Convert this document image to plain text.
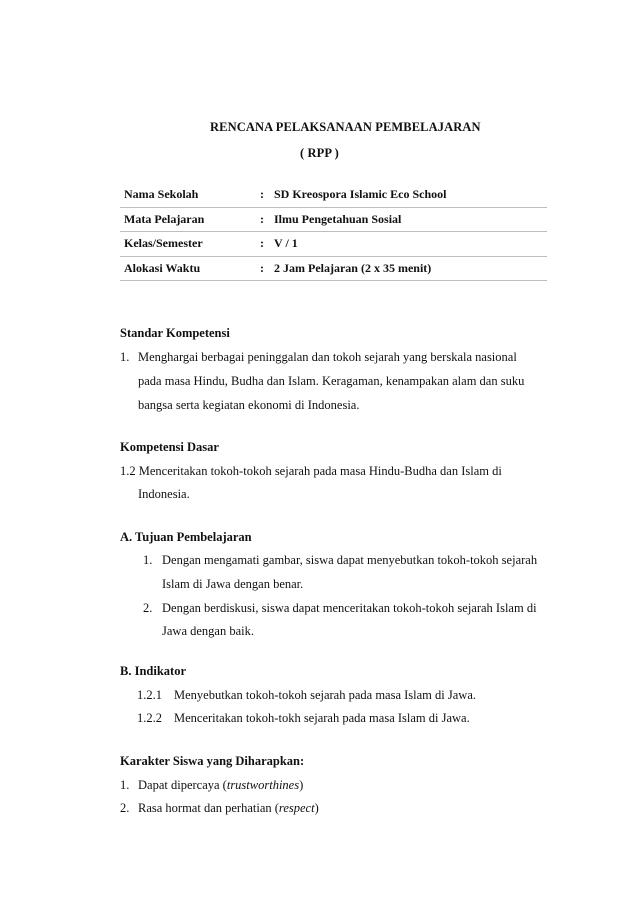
RENCANA PELAKSANAAN PEMBELAJARAN
( RPP )
Nama Sekolah	:	SD Kreospora Islamic Eco School
Mata Pelajaran	:	Ilmu Pengetahuan Sosial
Kelas/Semester	:	V / 1
Alokasi Waktu	:	2 Jam Pelajaran (2 x 35 menit)
Standar Kompetensi
1. Menghargai berbagai peninggalan dan tokoh sejarah yang berskala nasional
pada masa Hindu, Budha dan Islam. Keragaman, kenampakan alam dan suku
bangsa serta kegiatan ekonomi di Indonesia.
Kompetensi Dasar
1.2 Menceritakan tokoh-tokoh sejarah pada masa Hindu-Budha dan Islam di
Indonesia.
A. Tujuan Pembelajaran
1. Dengan mengamati gambar, siswa dapat menyebutkan tokoh-tokoh sejarah
Islam di Jawa dengan benar.
2. Dengan berdiskusi, siswa dapat menceritakan tokoh-tokoh sejarah Islam di
Jawa dengan baik.
B. Indikator
1.2.1 Menyebutkan tokoh-tokoh sejarah pada masa Islam di Jawa.
1.2.2 Menceritakan tokoh-tokh sejarah pada masa Islam di Jawa.
Karakter Siswa yang Diharapkan:
1. Dapat dipercaya (trustworthines)
2. Rasa hormat dan perhatian (respect)
